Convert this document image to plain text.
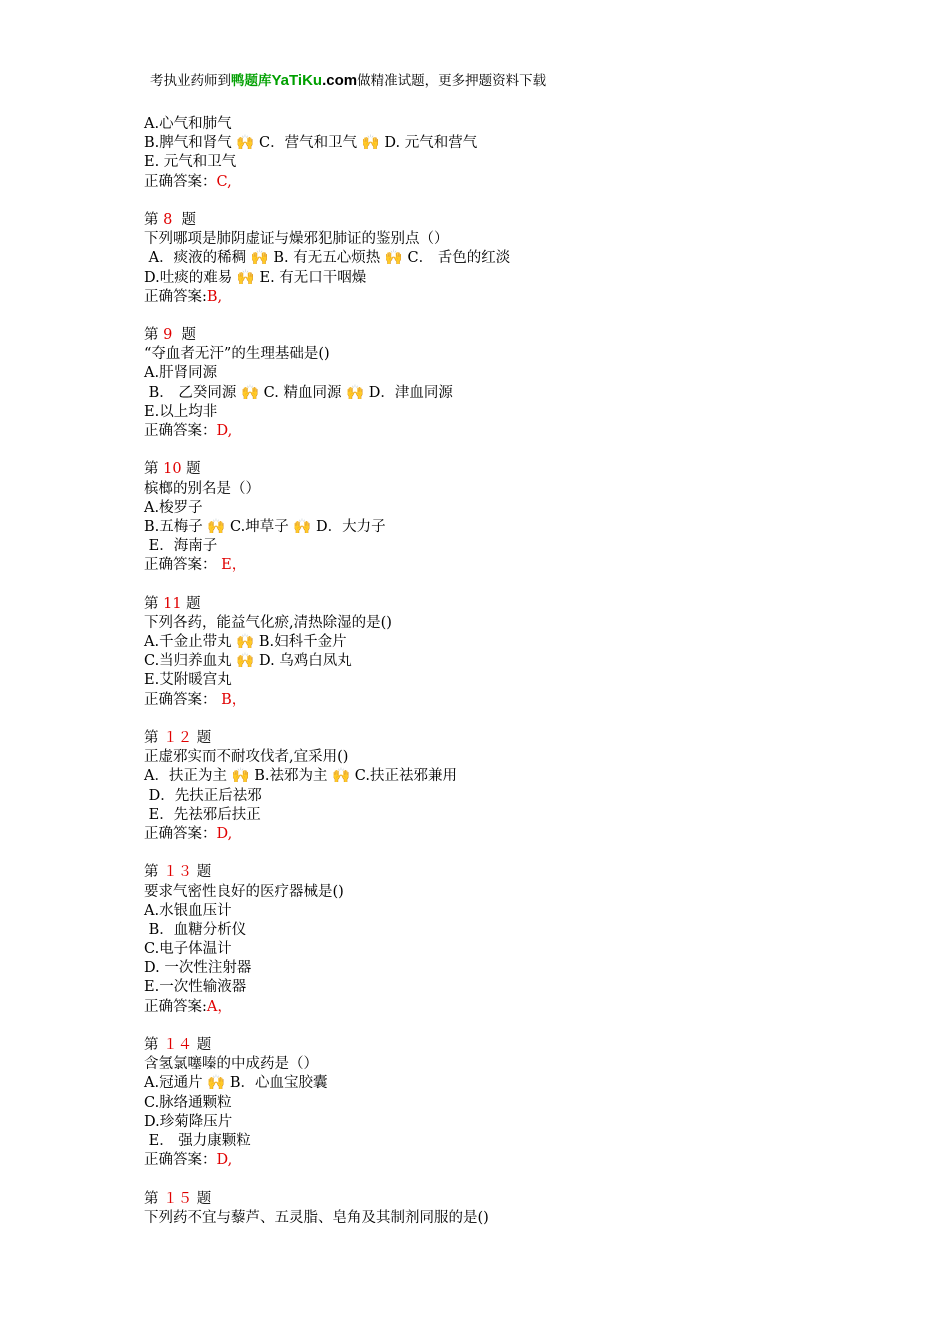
考执业药师到鸭题库YaTiKu.com做精准试题，更多押题资料下载
A.心气和肺气
B.脾气和肾气 🙌 C．营气和卫气 🙌 D. 元气和营气
E. 元气和卫气
正确答案：C,
第 8  题
下列哪项是肺阴虚证与燥邪犯肺证的鉴别点（）
A．痰液的稀稠 🙌 B. 有无五心烦热 🙌 C． 舌色的红淡
D.吐痰的难易 🙌 E. 有无口干咽燥
正确答案:B,
第 9  题
“夺血者无汗”的生理基础是()
A.肝肾同源
B． 乙癸同源 🙌 C. 精血同源 🙌 D．津血同源
E.以上均非
正确答案：D,
第 10 题
槟榔的别名是（）
A.梭罗子
B.五梅子 🙌 C.坤草子 🙌 D．大力子
E．海南子
正确答案： E，
第 11 题
下列各药，能益气化瘀,清热除湿的是()
A.千金止带丸 🙌 B.妇科千金片
C.当归养血丸 🙌 D. 乌鸡白凤丸
E.艾附暖宫丸
正确答案： B，
第 １２ 题
正虚邪实而不耐攻伐者,宜采用()
A．扶正为主 🙌 B.祛邪为主 🙌 C.扶正祛邪兼用
D．先扶正后祛邪
E．先祛邪后扶正
正确答案：D,
第 １３ 题
要求气密性良好的医疗器械是()
A.水银血压计
B．血糖分析仪
C.电子体温计
D. 一次性注射器
E.一次性输液器
正确答案:A，
第 １４ 题
含氢氯噻嗪的中成药是（）
A.冠通片 🙌 B．心血宝胶囊
C.脉络通颗粒
D.珍菊降压片
E． 强力康颗粒
正确答案：D,
第 １５ 题
下列药不宜与藜芦、五灵脂、皂角及其制剂同服的是()
